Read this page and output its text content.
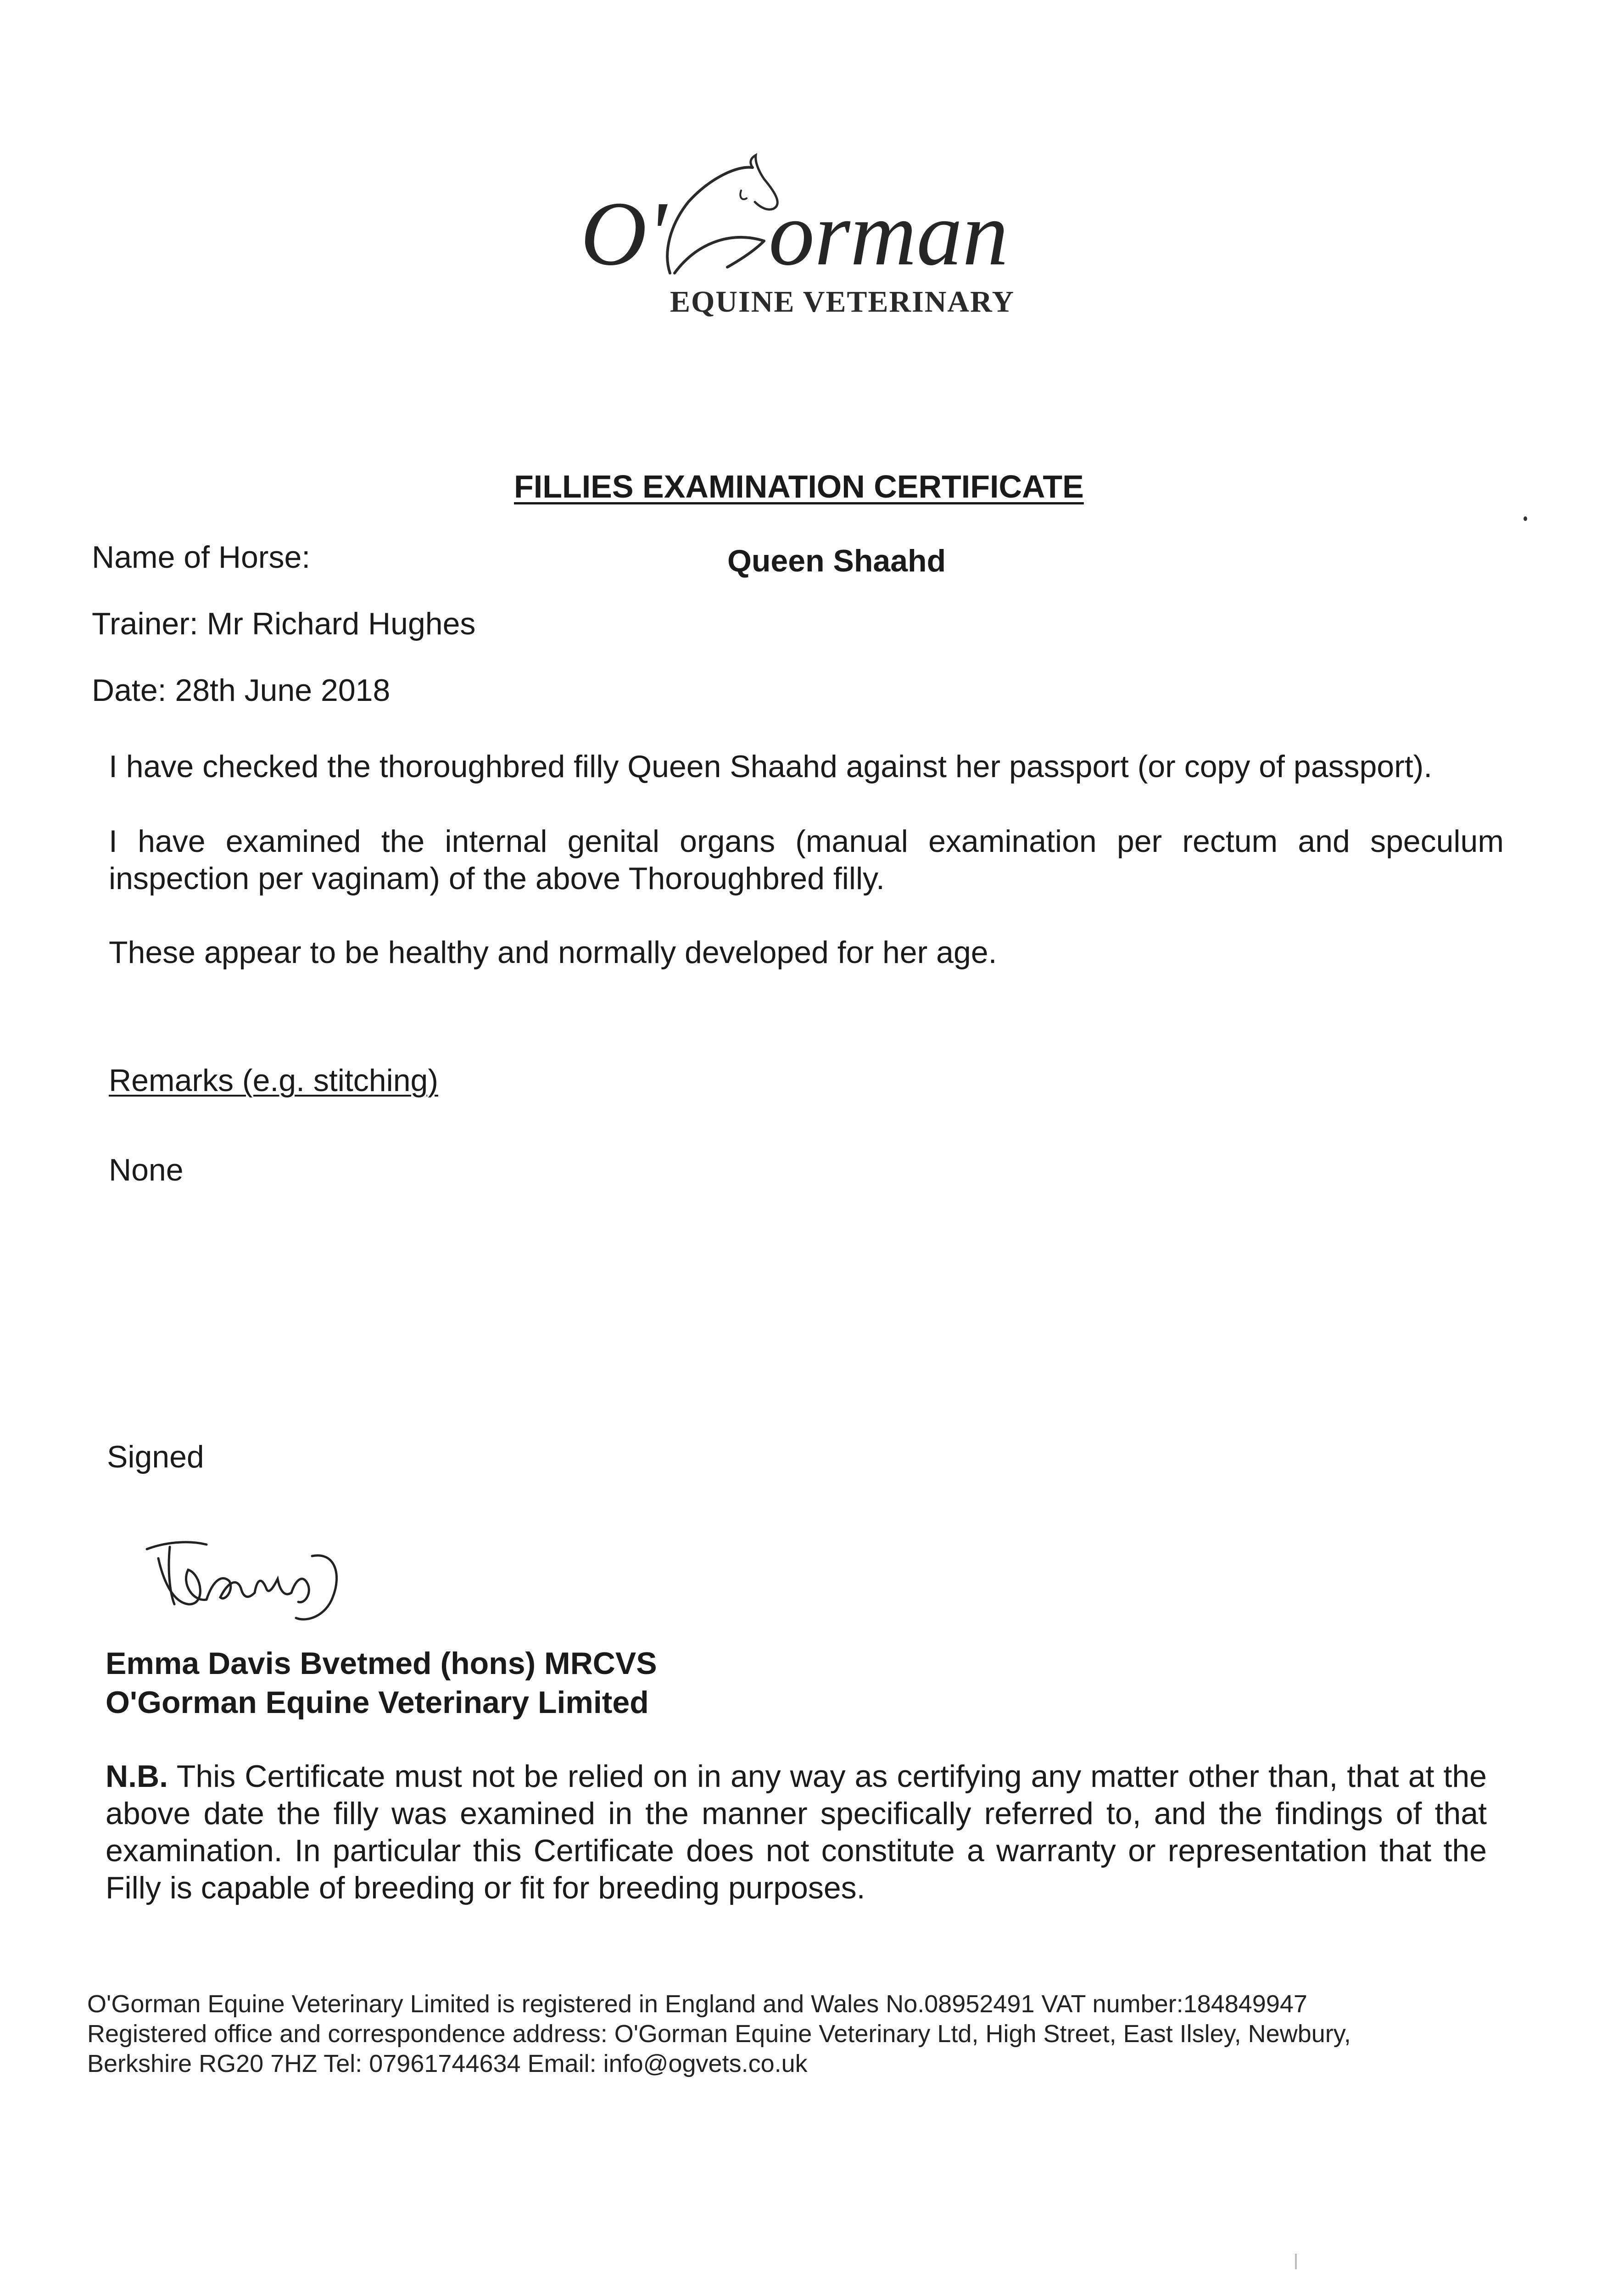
O' orman
EQUINE VETERINARY
FILLIES EXAMINATION CERTIFICATE
Name of Horse:	Queen Shaahd
Trainer: Mr Richard Hughes
Date: 28th June 2018
I have checked the thoroughbred filly Queen Shaahd against her passport (or copy of passport).
I have examined the internal genital organs (manual examination per rectum and speculum inspection per vaginam) of the above Thoroughbred filly.
These appear to be healthy and normally developed for her age.
Remarks (e.g. stitching)
None
Signed
Emma Davis Bvetmed (hons) MRCVS
O'Gorman Equine Veterinary Limited
N.B. This Certificate must not be relied on in any way as certifying any matter other than, that at the above date the filly was examined in the manner specifically referred to, and the findings of that examination. In particular this Certificate does not constitute a warranty or representation that the Filly is capable of breeding or fit for breeding purposes.
O'Gorman Equine Veterinary Limited is registered in England and Wales No.08952491 VAT number:184849947
Registered office and correspondence address: O'Gorman Equine Veterinary Ltd, High Street, East Ilsley, Newbury,
Berkshire RG20 7HZ Tel: 07961744634 Email: info@ogvets.co.uk
